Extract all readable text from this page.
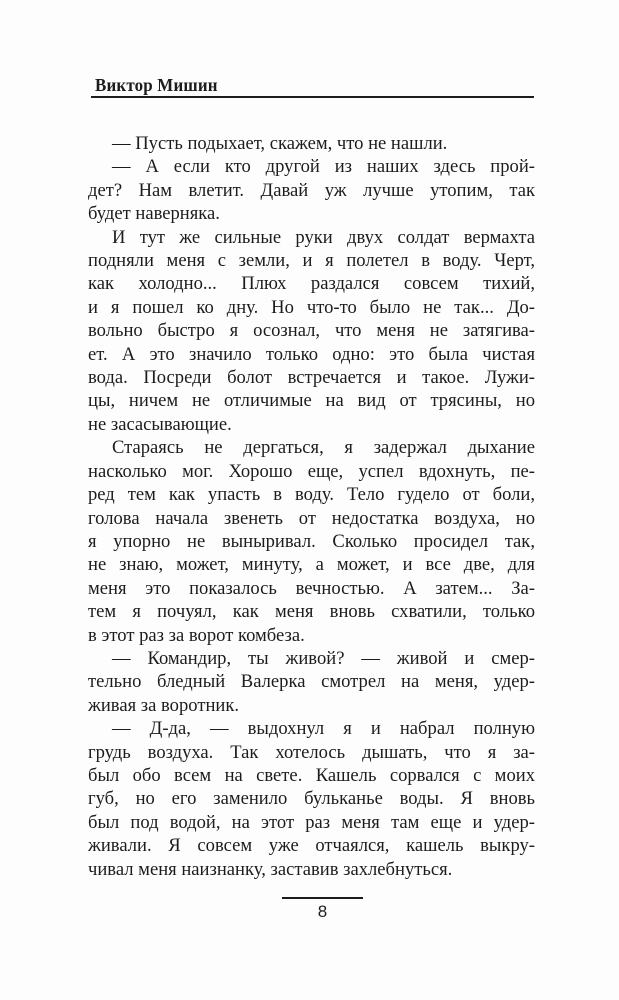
Виктор Мишин
— Пусть подыхает, скажем, что не нашли.
— А если кто другой из наших здесь прой-
дет? Нам влетит. Давай уж лучше утопим, так
будет наверняка.
И тут же сильные руки двух солдат вермахта
подняли меня с земли, и я полетел в воду. Черт,
как холодно... Плюх раздался совсем тихий,
и я пошел ко дну. Но что-то было не так... До-
вольно быстро я осознал, что меня не затягива-
ет. А это значило только одно: это была чистая
вода. Посреди болот встречается и такое. Лужи-
цы, ничем не отличимые на вид от трясины, но
не засасывающие.
Стараясь не дергаться, я задержал дыхание
насколько мог. Хорошо еще, успел вдохнуть, пе-
ред тем как упасть в воду. Тело гудело от боли,
голова начала звенеть от недостатка воздуха, но
я упорно не выныривал. Сколько просидел так,
не знаю, может, минуту, а может, и все две, для
меня это показалось вечностью. А затем... За-
тем я почуял, как меня вновь схватили, только
в этот раз за ворот комбеза.
— Командир, ты живой? — живой и смер-
тельно бледный Валерка смотрел на меня, удер-
живая за воротник.
— Д-да, — выдохнул я и набрал полную
грудь воздуха. Так хотелось дышать, что я за-
был обо всем на свете. Кашель сорвался с моих
губ, но его заменило бульканье воды. Я вновь
был под водой, на этот раз меня там еще и удер-
живали. Я совсем уже отчаялся, кашель выкру-
чивал меня наизнанку, заставив захлебнуться.
8
